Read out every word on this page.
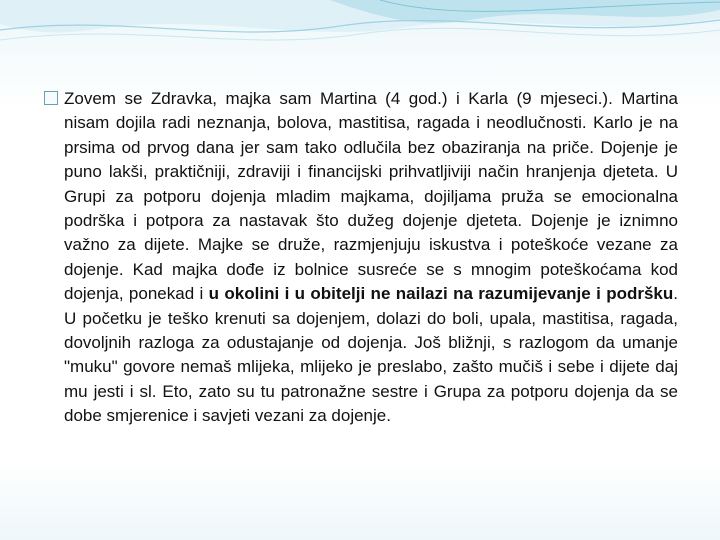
Zovem se Zdravka, majka sam Martina (4 god.) i Karla (9 mjeseci.). Martina nisam dojila radi neznanja, bolova, mastitisa, ragada i neodlučnosti. Karlo je na prsima od prvog dana jer sam tako odlučila bez obaziranja na priče. Dojenje je puno lakši, praktičniji, zdraviji i financijski prihvatljiviji način hranjenja djeteta. U Grupi za potporu dojenja mladim majkama, dojiljama pruža se emocionalna podrška i potpora za nastavak što dužeg dojenje djeteta. Dojenje je iznimno važno za dijete. Majke se druže, razmjenjuju iskustva i poteškoće vezane za dojenje. Kad majka dođe iz bolnice susreće se s mnogim poteškoćama kod dojenja, ponekad i u okolini i u obitelji ne nailazi na razumijevanje i podršku. U početku je teško krenuti sa dojenjem, dolazi do boli, upala, mastitisa, ragada, dovoljnih razloga za odustajanje od dojenja. Još bližnji, s razlogom da umanje "muku" govore nemaš mlijeka, mlijeko je preslabo, zašto mučiš i sebe i dijete daj mu jesti i sl. Eto, zato su tu patronažne sestre i Grupa za potporu dojenja da se dobe smjerenice i savjeti vezani za dojenje.
